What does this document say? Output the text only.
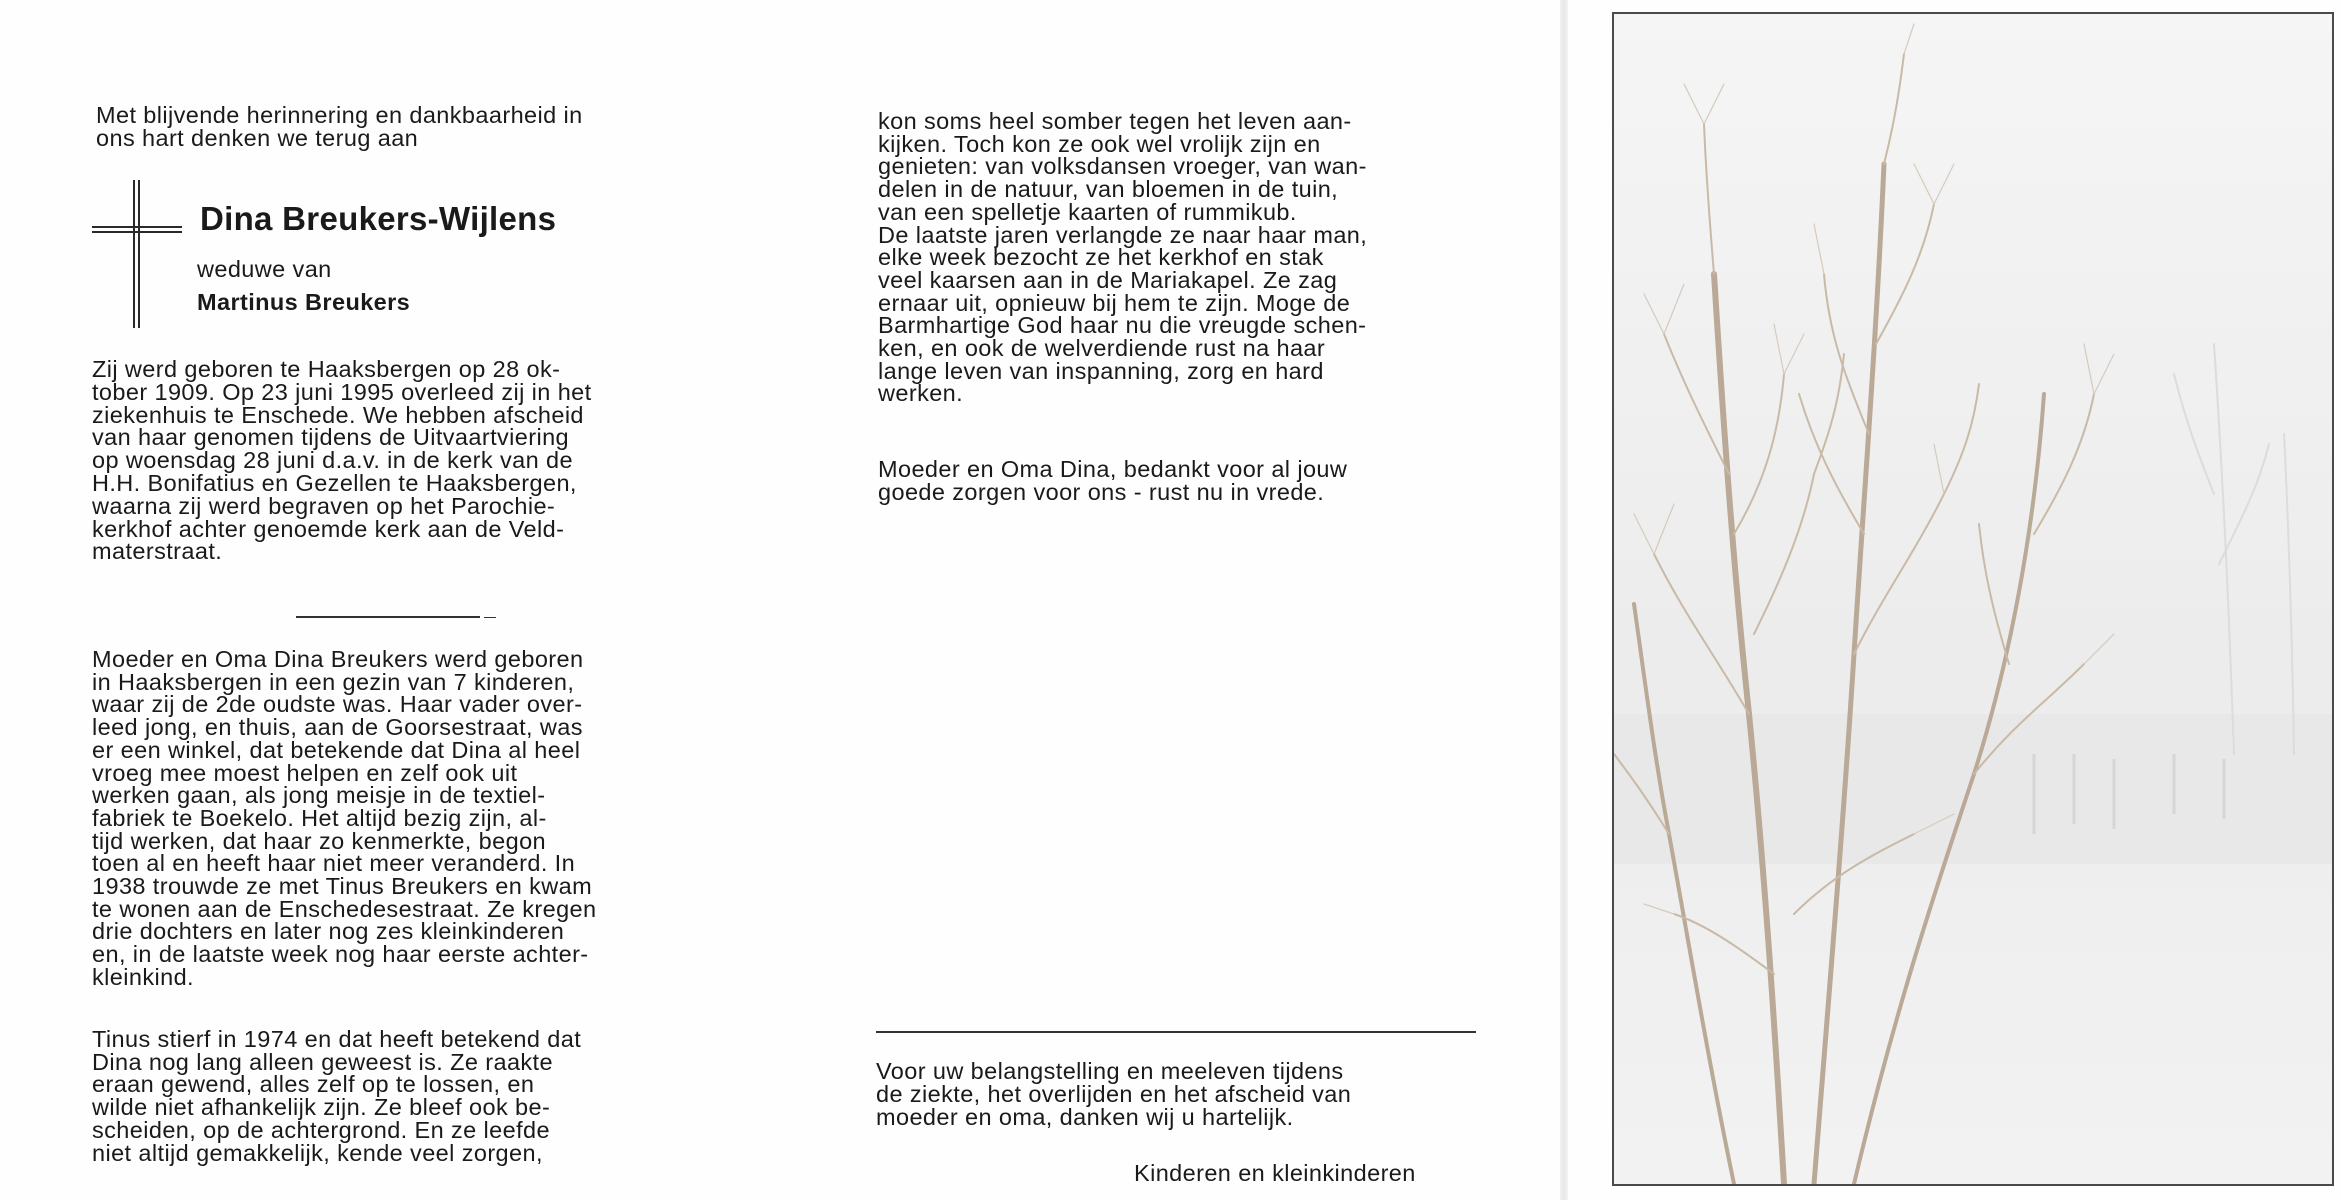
Met blijvende herinnering en dankbaarheid in

ons hart denken we terug aan

Dina Breukers-Wijlens
weduwe van
Martinus Breukers

Zij werd geboren te Haaksbergen op 28 ok-

tober 1909. Op 23 juni 1995 overleed zij in het

ziekenhuis te Enschede. We hebben afscheid

van haar genomen tijdens de Uitvaartviering

op woensdag 28 juni d.a.v. in de kerk van de

H.H. Bonifatius en Gezellen te Haaksbergen,

waarna zij werd begraven op het Parochie-

kerkhof achter genoemde kerk aan de Veld-

materstraat.

Moeder en Oma Dina Breukers werd geboren

in Haaksbergen in een gezin van 7 kinderen,

waar zij de 2de oudste was. Haar vader over-

leed jong, en thuis, aan de Goorsestraat, was

er een winkel, dat betekende dat Dina al heel

vroeg mee moest helpen en zelf ook uit

werken gaan, als jong meisje in de textiel-

fabriek te Boekelo. Het altijd bezig zijn, al-

tijd werken, dat haar zo kenmerkte, begon

toen al en heeft haar niet meer veranderd. In

1938 trouwde ze met Tinus Breukers en kwam

te wonen aan de Enschedesestraat. Ze kregen

drie dochters en later nog zes kleinkinderen

en, in de laatste week nog haar eerste achter-

kleinkind.

Tinus stierf in 1974 en dat heeft betekend dat

Dina nog lang alleen geweest is. Ze raakte

eraan gewend, alles zelf op te lossen, en

wilde niet afhankelijk zijn. Ze bleef ook be-

scheiden, op de achtergrond. En ze leefde

niet altijd gemakkelijk, kende veel zorgen,

kon soms heel somber tegen het leven aan-

kijken. Toch kon ze ook wel vrolijk zijn en

genieten: van volksdansen vroeger, van wan-

delen in de natuur, van bloemen in de tuin,

van een spelletje kaarten of rummikub.

De laatste jaren verlangde ze naar haar man,

elke week bezocht ze het kerkhof en stak

veel kaarsen aan in de Mariakapel. Ze zag

ernaar uit, opnieuw bij hem te zijn. Moge de

Barmhartige God haar nu die vreugde schen-

ken, en ook de welverdiende rust na haar

lange leven van inspanning, zorg en hard

werken.

Moeder en Oma Dina, bedankt voor al jouw

goede zorgen voor ons - rust nu in vrede.

Voor uw belangstelling en meeleven tijdens

de ziekte, het overlijden en het afscheid van

moeder en oma, danken wij u hartelijk.

Kinderen en kleinkinderen
